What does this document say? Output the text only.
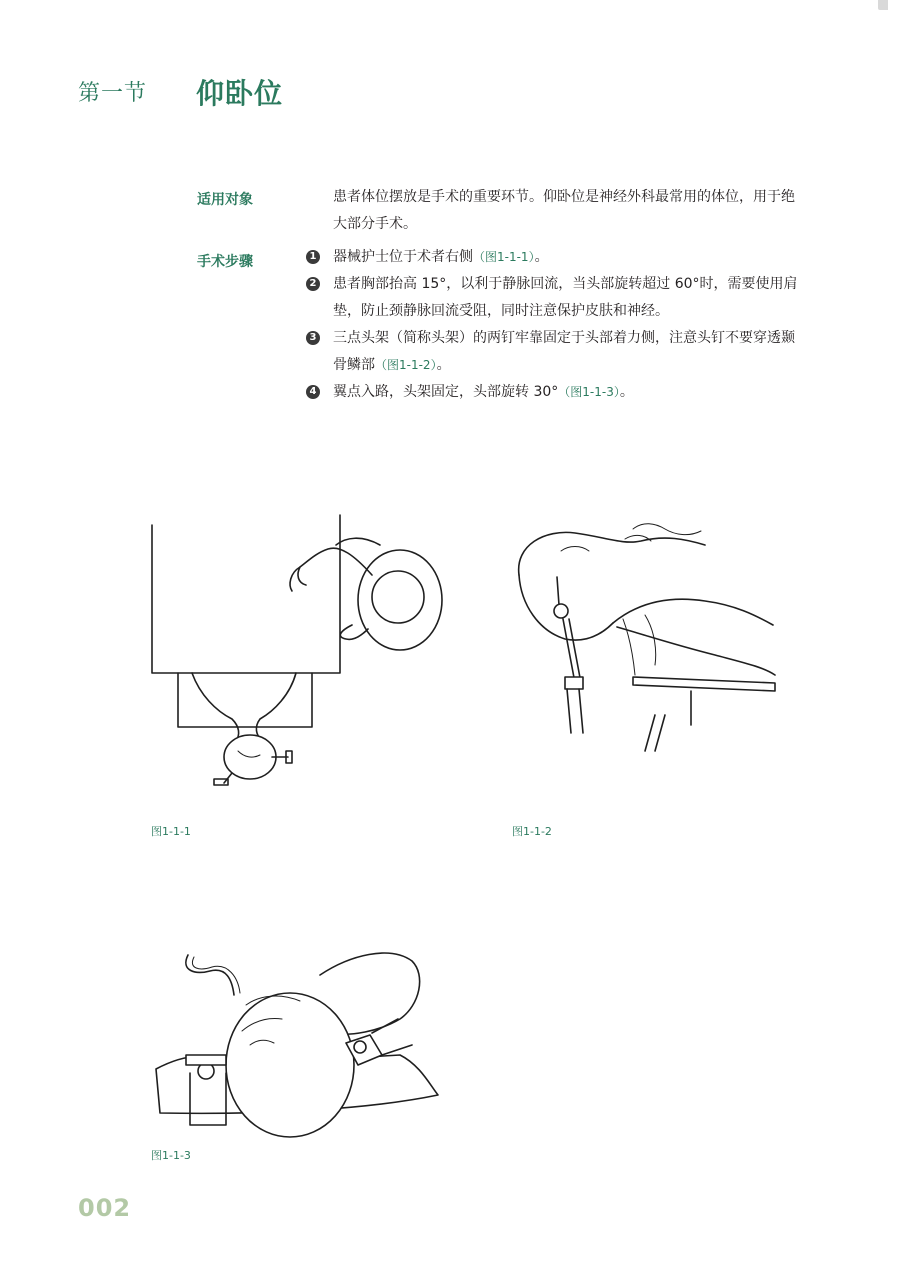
第一节 仰卧位
适用对象	患者体位摆放是手术的重要环节。仰卧位是神经外科最常用的体位，用于绝大部分手术。
手术步骤	1 器械护士位于术者右侧（图1-1-1）。
2 患者胸部抬高 15°，以利于静脉回流，当头部旋转超过 60°时，需要使用肩垫，防止颈静脉回流受阻，同时注意保护皮肤和神经。
3 三点头架（简称头架）的两钉牢靠固定于头部着力侧，注意头钉不要穿透颞骨鳞部（图1-1-2）。
4 翼点入路，头架固定，头部旋转 30°（图1-1-3）。
图1-1-1	图1-1-2
图1-1-3
002
